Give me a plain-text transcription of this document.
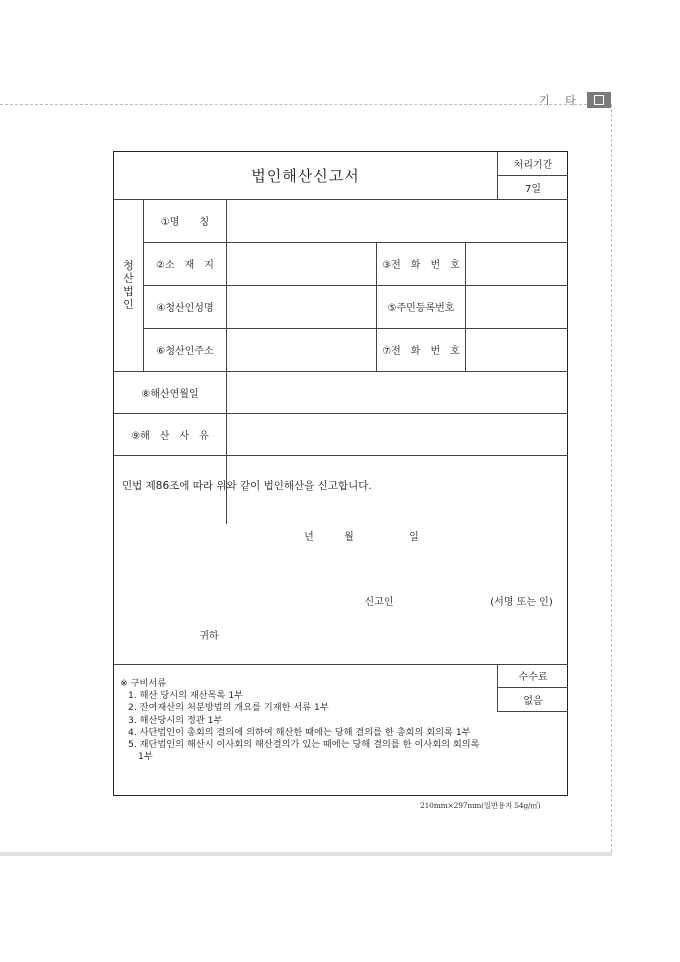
기 타
법인해산신고서
처리기간
7일
청
산
법
인
①명　　칭
②소　재　지	③전　화　번　호
④청산인성명	⑤주민등록번호
⑥청산인주소	⑦전　화　번　호
⑧해산연월일
⑨해　산　사　유
민법 제86조에 따라 위와 같이 법인해산을 신고합니다.
년	월	일
신고인	(서명 또는 인)
귀하
수수료
없음
※ 구비서류
1. 해산 당시의 재산목록 1부
2. 잔여재산의 처분방법의 개요를 기재한 서류 1부
3. 해산당시의 정관 1부
4. 사단법인이 총회의 결의에 의하여 해산한 때에는 당해 결의를 한 총회의 회의록 1부
5. 재단법인의 해산시 이사회의 해산결의가 있는 때에는 당해 결의를 한 이사회의 회의록
1부
210mm×297mm(일반용지 54g/㎡)
